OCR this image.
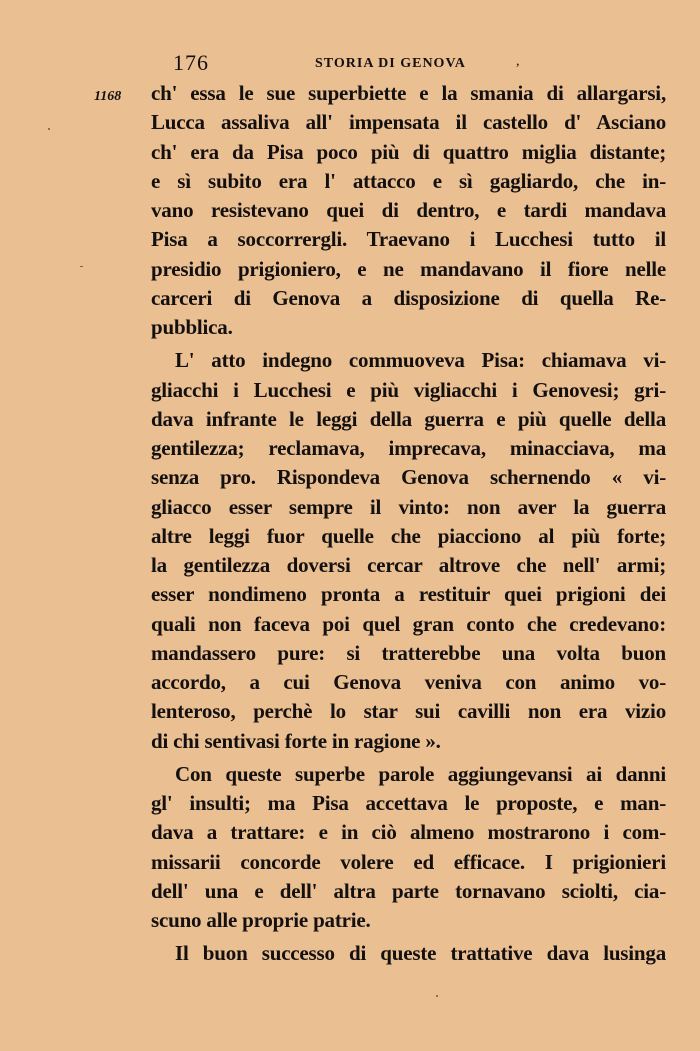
176	STORIA DI GENOVA	,
1168 ch' essa le sue superbiette e la smania di allargarsi,
Lucca assaliva all' impensata il castello d' Asciano
ch' era da Pisa poco più di quattro miglia distante;
e sì subito era l' attacco e sì gagliardo, che in-
vano resistevano quei di dentro, e tardi mandava
Pisa a soccorrergli. Traevano i Lucchesi tutto il
presidio prigioniero, e ne mandavano il fiore nelle
carceri di Genova a disposizione di quella Re-
pubblica.
L' atto indegno commuoveva Pisa: chiamava vi-
gliacchi i Lucchesi e più vigliacchi i Genovesi; gri-
dava infrante le leggi della guerra e più quelle della
gentilezza; reclamava, imprecava, minacciava, ma
senza pro. Rispondeva Genova schernendo « vi-
gliacco esser sempre il vinto: non aver la guerra
altre leggi fuor quelle che piacciono al più forte;
la gentilezza doversi cercar altrove che nell' armi;
esser nondimeno pronta a restituir quei prigioni dei
quali non faceva poi quel gran conto che credevano:
mandassero pure: si tratterebbe una volta buon
accordo, a cui Genova veniva con animo vo-
lenteroso, perchè lo star sui cavilli non era vizio
di chi sentivasi forte in ragione ».
Con queste superbe parole aggiungevansi ai danni
gl' insulti; ma Pisa accettava le proposte, e man-
dava a trattare: e in ciò almeno mostrarono i com-
missarii concorde volere ed efficace. I prigionieri
dell' una e dell' altra parte tornavano sciolti, cia-
scuno alle proprie patrie.
Il buon successo di queste trattative dava lusinga
